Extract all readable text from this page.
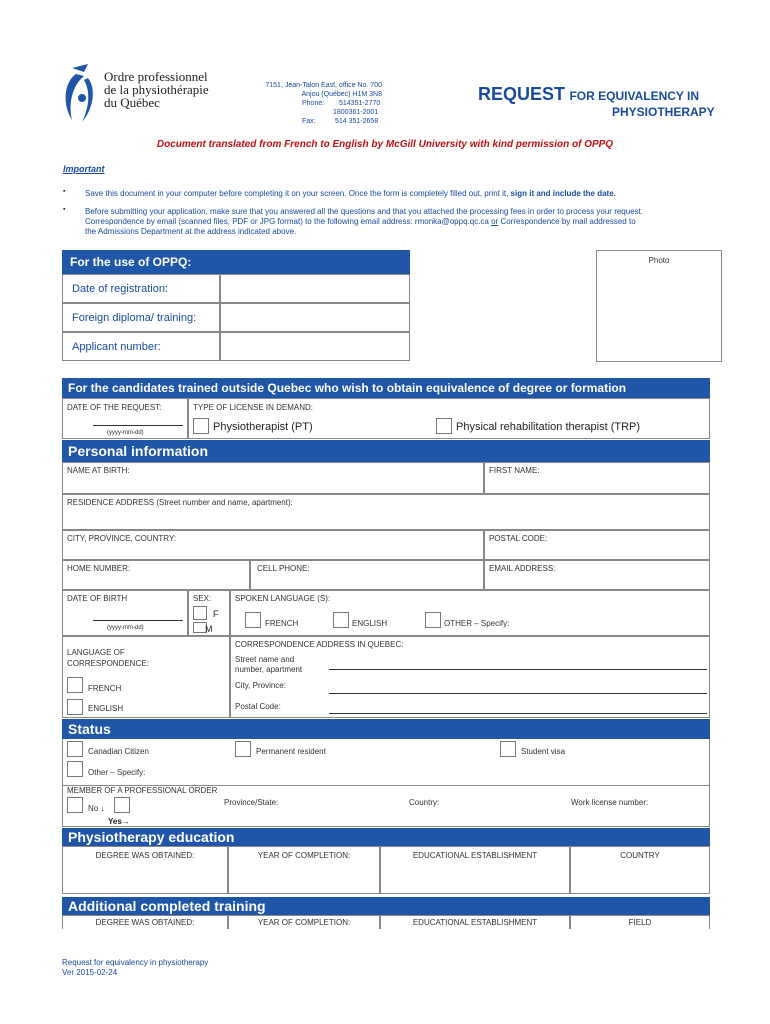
Ordre professionnel
de la physiothérapie
du Québec
7151, Jean-Talon East, office No. 700
Anjou (Québec) H1M 3N8
Phone: 514351-2770
1800361-2001
Fax:	514 351-2658
REQUEST FOR EQUIVALENCY IN
PHYSIOTHERAPY
Document translated from French to English by McGill University with kind permission of OPPQ
Important
▪ Save this document in your computer before completing it on your screen. Once the form is completely filled out, print it, sign it and include the date.
▪ Before submitting your application, make sure that you answered all the questions and that you attached the processing fees in order to process your request.
Correspondence by email (scanned files, PDF or JPG format) to the following email address: rmonka@oppq.qc.ca or Correspondence by mail addressed to
the Admissions Department at the address indicated above.
For the use of OPPQ:
Date of registration:
Foreign diploma/ training:
Applicant number:
Photo
For the candidates trained outside Quebec who wish to obtain equivalence of degree or formation
DATE OF THE REQUEST:
(yyyy-mm-dd)
TYPE OF LICENSE IN DEMAND:
Physiotherapist (PT)	Physical rehabilitation therapist (TRP)
Personal information
NAME AT BIRTH:	FIRST NAME:
RESIDENCE ADDRESS (Street number and name, apartment):
CITY, PROVINCE, COUNTRY:	POSTAL CODE:
HOME NUMBER:	CELL PHONE:	EMAIL ADDRESS:
DATE OF BIRTH
(yyyy-mm-dd)
SEX:
F
M
SPOKEN LANGUAGE (S):
FRENCH	ENGLISH	OTHER – Specify:
LANGUAGE OF
CORRESPONDENCE:
FRENCH
ENGLISH
CORRESPONDENCE ADDRESS IN QUEBEC:
Street name and
number, apartment
City, Province:
Postal Code:
Status
Canadian Citizen	Permanent resident	Student visa
Other – Specify:
MEMBER OF A PROFESSIONAL ORDER
No ↓
Yes→
Province/State:	Country:	Work license number:
Physiotherapy education
DEGREE WAS OBTAINED:	YEAR OF COMPLETION:	EDUCATIONAL ESTABLISHMENT	COUNTRY
Additional completed training
DEGREE WAS OBTAINED:	YEAR OF COMPLETION:	EDUCATIONAL ESTABLISHMENT	FIELD
Request for equivalency in physiotherapy
Ver 2015-02-24
